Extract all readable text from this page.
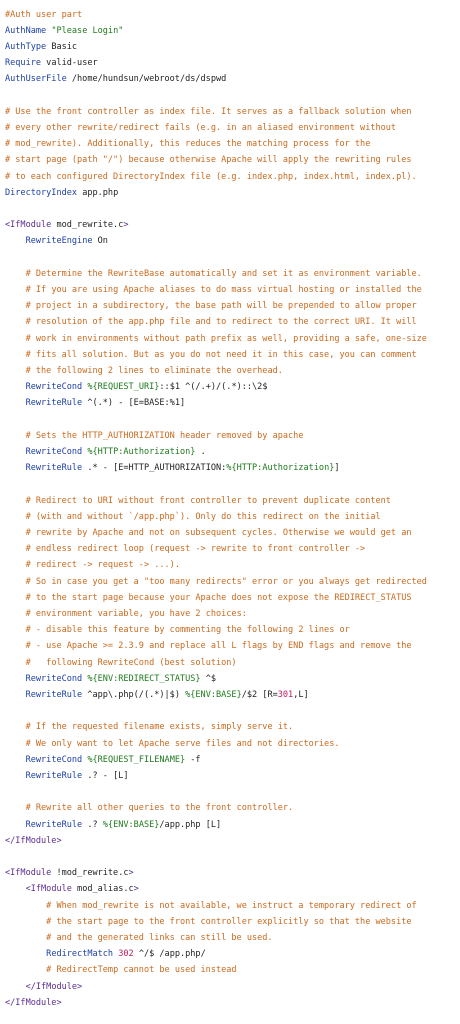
#Auth user part
AuthName "Please Login"
AuthType Basic
Require valid-user
AuthUserFile /home/hundsun/webroot/ds/dspwd
# Use the front controller as index file. It serves as a fallback solution when
# every other rewrite/redirect fails (e.g. in an aliased environment without
# mod_rewrite). Additionally, this reduces the matching process for the
# start page (path "/") because otherwise Apache will apply the rewriting rules
# to each configured DirectoryIndex file (e.g. index.php, index.html, index.pl).
DirectoryIndex app.php
<IfModule mod_rewrite.c>
RewriteEngine On
# Determine the RewriteBase automatically and set it as environment variable.
# If you are using Apache aliases to do mass virtual hosting or installed the
# project in a subdirectory, the base path will be prepended to allow proper
# resolution of the app.php file and to redirect to the correct URI. It will
# work in environments without path prefix as well, providing a safe, one-size
# fits all solution. But as you do not need it in this case, you can comment
# the following 2 lines to eliminate the overhead.
RewriteCond %{REQUEST_URI}::$1 ^(/.+)/(.*)::\2$
RewriteRule ^(.*) - [E=BASE:%1]
# Sets the HTTP_AUTHORIZATION header removed by apache
RewriteCond %{HTTP:Authorization} .
RewriteRule .* - [E=HTTP_AUTHORIZATION:%{HTTP:Authorization}]
# Redirect to URI without front controller to prevent duplicate content
# (with and without `/app.php`). Only do this redirect on the initial
# rewrite by Apache and not on subsequent cycles. Otherwise we would get an
# endless redirect loop (request -> rewrite to front controller ->
# redirect -> request -> ...).
# So in case you get a "too many redirects" error or you always get redirected
# to the start page because your Apache does not expose the REDIRECT_STATUS
# environment variable, you have 2 choices:
# - disable this feature by commenting the following 2 lines or
# - use Apache >= 2.3.9 and replace all L flags by END flags and remove the
#   following RewriteCond (best solution)
RewriteCond %{ENV:REDIRECT_STATUS} ^$
RewriteRule ^app\.php(/(.*)|$) %{ENV:BASE}/$2 [R=301,L]
# If the requested filename exists, simply serve it.
# We only want to let Apache serve files and not directories.
RewriteCond %{REQUEST_FILENAME} -f
RewriteRule .? - [L]
# Rewrite all other queries to the front controller.
RewriteRule .? %{ENV:BASE}/app.php [L]
</IfModule>
<IfModule !mod_rewrite.c>
<IfModule mod_alias.c>
# When mod_rewrite is not available, we instruct a temporary redirect of
# the start page to the front controller explicitly so that the website
# and the generated links can still be used.
RedirectMatch 302 ^/$ /app.php/
# RedirectTemp cannot be used instead
</IfModule>
</IfModule>
